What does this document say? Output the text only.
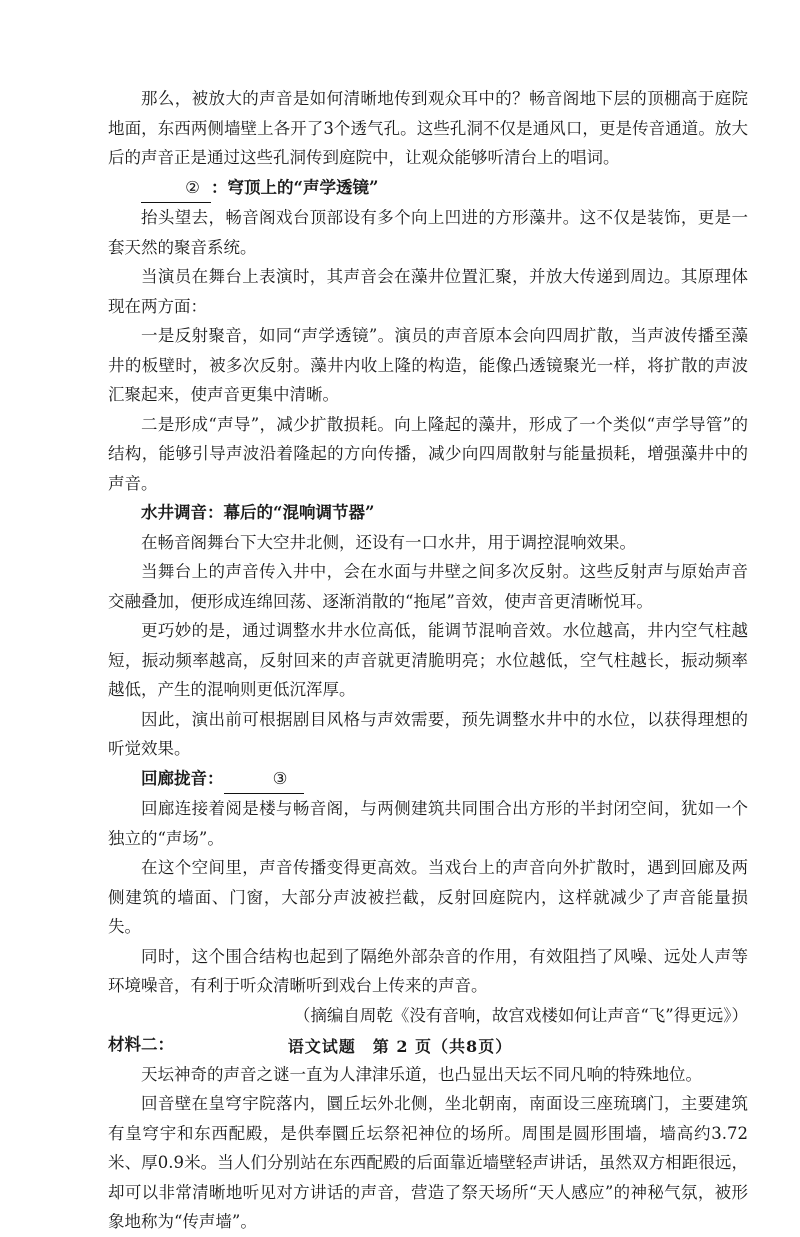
那么，被放大的声音是如何清晰地传到观众耳中的？畅音阁地下层的顶棚高于庭院地面，东西两侧墙壁上各开了3个透气孔。这些孔洞不仅是通风口，更是传音通道。放大后的声音正是通过这些孔洞传到庭院中，让观众能够听清台上的唱词。

② ：穹顶上的“声学透镜”

抬头望去，畅音阁戏台顶部设有多个向上凹进的方形藻井。这不仅是装饰，更是一套天然的聚音系统。

当演员在舞台上表演时，其声音会在藻井位置汇聚，并放大传递到周边。其原理体现在两方面：

一是反射聚音，如同“声学透镜”。演员的声音原本会向四周扩散，当声波传播至藻井的板壁时，被多次反射。藻井内收上隆的构造，能像凸透镜聚光一样，将扩散的声波汇聚起来，使声音更集中清晰。

二是形成“声导”，减少扩散损耗。向上隆起的藻井，形成了一个类似“声学导管”的结构，能够引导声波沿着隆起的方向传播，减少向四周散射与能量损耗，增强藻井中的声音。

水井调音：幕后的“混响调节器”

在畅音阁舞台下大空井北侧，还设有一口水井，用于调控混响效果。

当舞台上的声音传入井中，会在水面与井壁之间多次反射。这些反射声与原始声音交融叠加，便形成连绵回荡、逐渐消散的“拖尾”音效，使声音更清晰悦耳。

更巧妙的是，通过调整水井水位高低，能调节混响音效。水位越高，井内空气柱越短，振动频率越高，反射回来的声音就更清脆明亮；水位越低，空气柱越长，振动频率越低，产生的混响则更低沉浑厚。

因此，演出前可根据剧目风格与声效需要，预先调整水井中的水位，以获得理想的听觉效果。

回廊拢音：	③

回廊连接着阅是楼与畅音阁，与两侧建筑共同围合出方形的半封闭空间，犹如一个独立的“声场”。

在这个空间里，声音传播变得更高效。当戏台上的声音向外扩散时，遇到回廊及两侧建筑的墙面、门窗，大部分声波被拦截，反射回庭院内，这样就减少了声音能量损失。

同时，这个围合结构也起到了隔绝外部杂音的作用，有效阻挡了风噪、远处人声等环境噪音，有利于听众清晰听到戏台上传来的声音。

（摘编自周乾《没有音响，故宫戏楼如何让声音“飞”得更远》）

材料二：

天坛神奇的声音之谜一直为人津津乐道，也凸显出天坛不同凡响的特殊地位。

回音壁在皇穹宇院落内，圜丘坛外北侧，坐北朝南，南面设三座琉璃门，主要建筑有皇穹宇和东西配殿，是供奉圜丘坛祭祀神位的场所。周围是圆形围墙，墙高约3.72米、厚0.9米。当人们分别站在东西配殿的后面靠近墙壁轻声讲话，虽然双方相距很远，却可以非常清晰地听见对方讲话的声音，营造了祭天场所“天人感应”的神秘气氛，被形象地称为“传声墙”。

语文试题　第 2 页（共8页）
